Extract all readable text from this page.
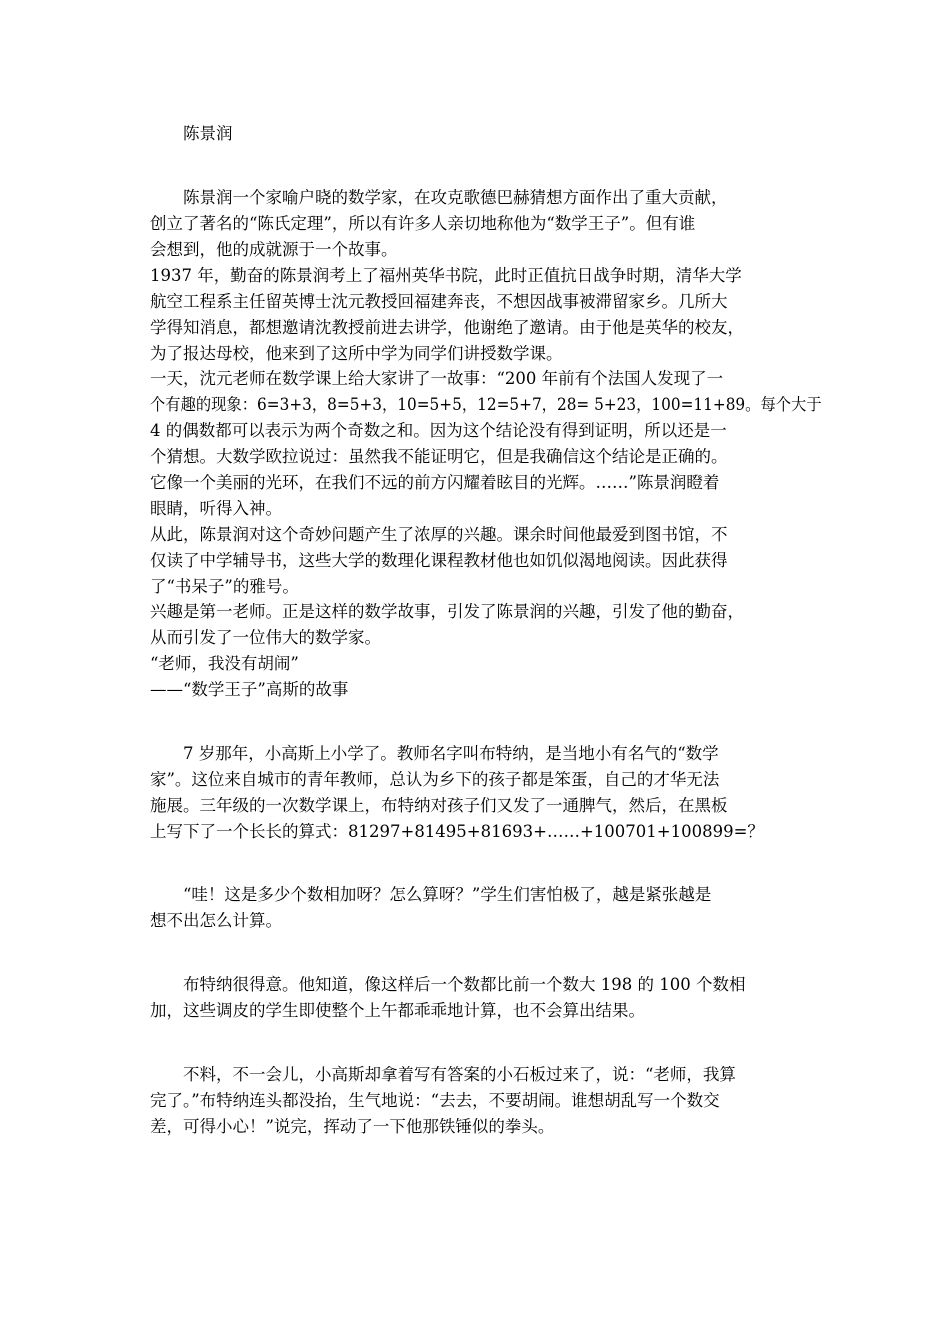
陈景润
陈景润一个家喻户晓的数学家，在攻克歌德巴赫猜想方面作出了重大贡献，
创立了著名的“陈氏定理”，所以有许多人亲切地称他为“数学王子”。但有谁
会想到，他的成就源于一个故事。
1937 年，勤奋的陈景润考上了福州英华书院，此时正值抗日战争时期，清华大学
航空工程系主任留英博士沈元教授回福建奔丧，不想因战事被滞留家乡。几所大
学得知消息，都想邀请沈教授前进去讲学，他谢绝了邀请。由于他是英华的校友，
为了报达母校，他来到了这所中学为同学们讲授数学课。
一天，沈元老师在数学课上给大家讲了一故事：“200 年前有个法国人发现了一
个有趣的现象：6=3+3，8=5+3，10=5+5，12=5+7，28= 5+23，100=11+89。每个大于
4 的偶数都可以表示为两个奇数之和。因为这个结论没有得到证明，所以还是一
个猜想。大数学欧拉说过：虽然我不能证明它，但是我确信这个结论是正确的。
它像一个美丽的光环，在我们不远的前方闪耀着眩目的光辉。……”陈景润瞪着
眼睛，听得入神。
从此，陈景润对这个奇妙问题产生了浓厚的兴趣。课余时间他最爱到图书馆，不
仅读了中学辅导书，这些大学的数理化课程教材他也如饥似渴地阅读。因此获得
了“书呆子”的雅号。
兴趣是第一老师。正是这样的数学故事，引发了陈景润的兴趣，引发了他的勤奋，
从而引发了一位伟大的数学家。
“老师，我没有胡闹”
——“数学王子”高斯的故事
7 岁那年，小高斯上小学了。教师名字叫布特纳，是当地小有名气的“数学
家”。这位来自城市的青年教师，总认为乡下的孩子都是笨蛋，自己的才华无法
施展。三年级的一次数学课上，布特纳对孩子们又发了一通脾气，然后，在黑板
上写下了一个长长的算式：81297+81495+81693+……+100701+100899=？
“哇！这是多少个数相加呀？怎么算呀？”学生们害怕极了，越是紧张越是
想不出怎么计算。
布特纳很得意。他知道，像这样后一个数都比前一个数大 198 的 100 个数相
加，这些调皮的学生即使整个上午都乖乖地计算，也不会算出结果。
不料，不一会儿，小高斯却拿着写有答案的小石板过来了，说：“老师，我算
完了。”布特纳连头都没抬，生气地说：“去去，不要胡闹。谁想胡乱写一个数交
差，可得小心！”说完，挥动了一下他那铁锤似的拳头。
